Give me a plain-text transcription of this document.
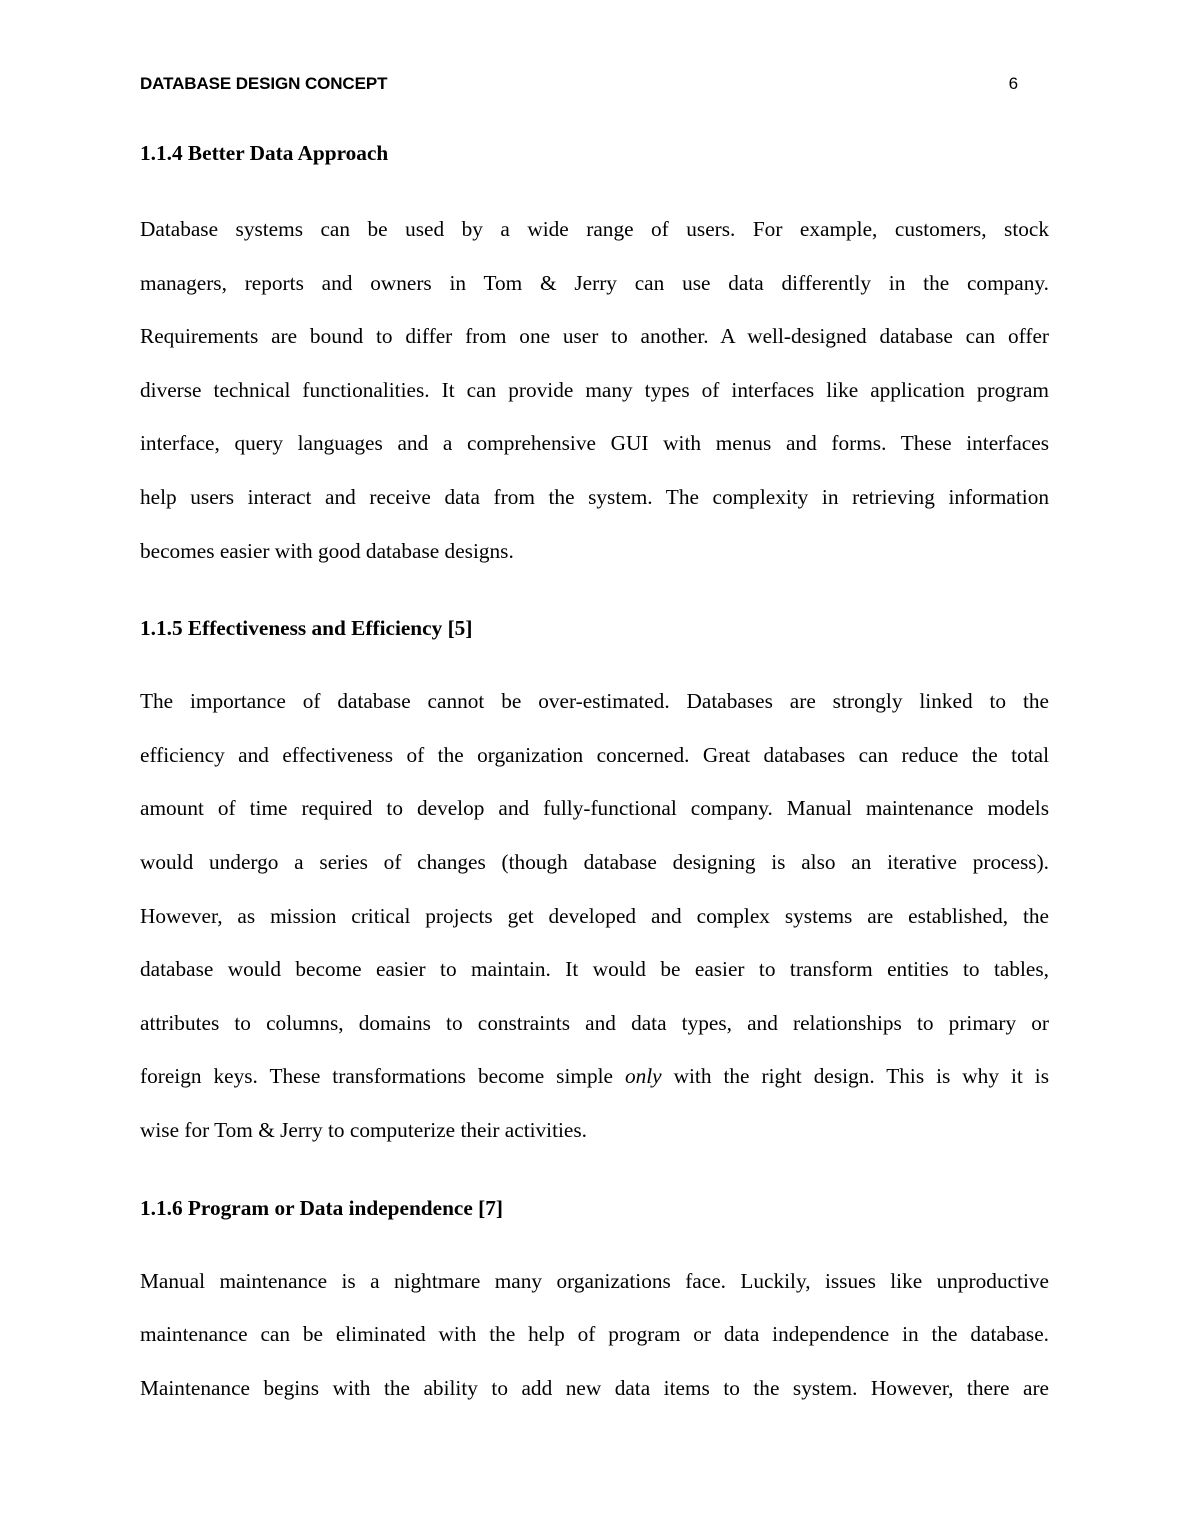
DATABASE DESIGN CONCEPT	6
1.1.4 Better Data Approach
Database systems can be used by a wide range of users. For example, customers, stock
managers, reports and owners in Tom & Jerry can use data differently in the company.
Requirements are bound to differ from one user to another. A well-designed database can offer
diverse technical functionalities. It can provide many types of interfaces like application program
interface, query languages and a comprehensive GUI with menus and forms. These interfaces
help users interact and receive data from the system. The complexity in retrieving information
becomes easier with good database designs.
1.1.5 Effectiveness and Efficiency [5]
The importance of database cannot be over-estimated. Databases are strongly linked to the
efficiency and effectiveness of the organization concerned. Great databases can reduce the total
amount of time required to develop and fully-functional company. Manual maintenance models
would undergo a series of changes (though database designing is also an iterative process).
However, as mission critical projects get developed and complex systems are established, the
database would become easier to maintain. It would be easier to transform entities to tables,
attributes to columns, domains to constraints and data types, and relationships to primary or
foreign keys. These transformations become simple only with the right design. This is why it is
wise for Tom & Jerry to computerize their activities.
1.1.6 Program or Data independence [7]
Manual maintenance is a nightmare many organizations face. Luckily, issues like unproductive
maintenance can be eliminated with the help of program or data independence in the database.
Maintenance begins with the ability to add new data items to the system. However, there are
